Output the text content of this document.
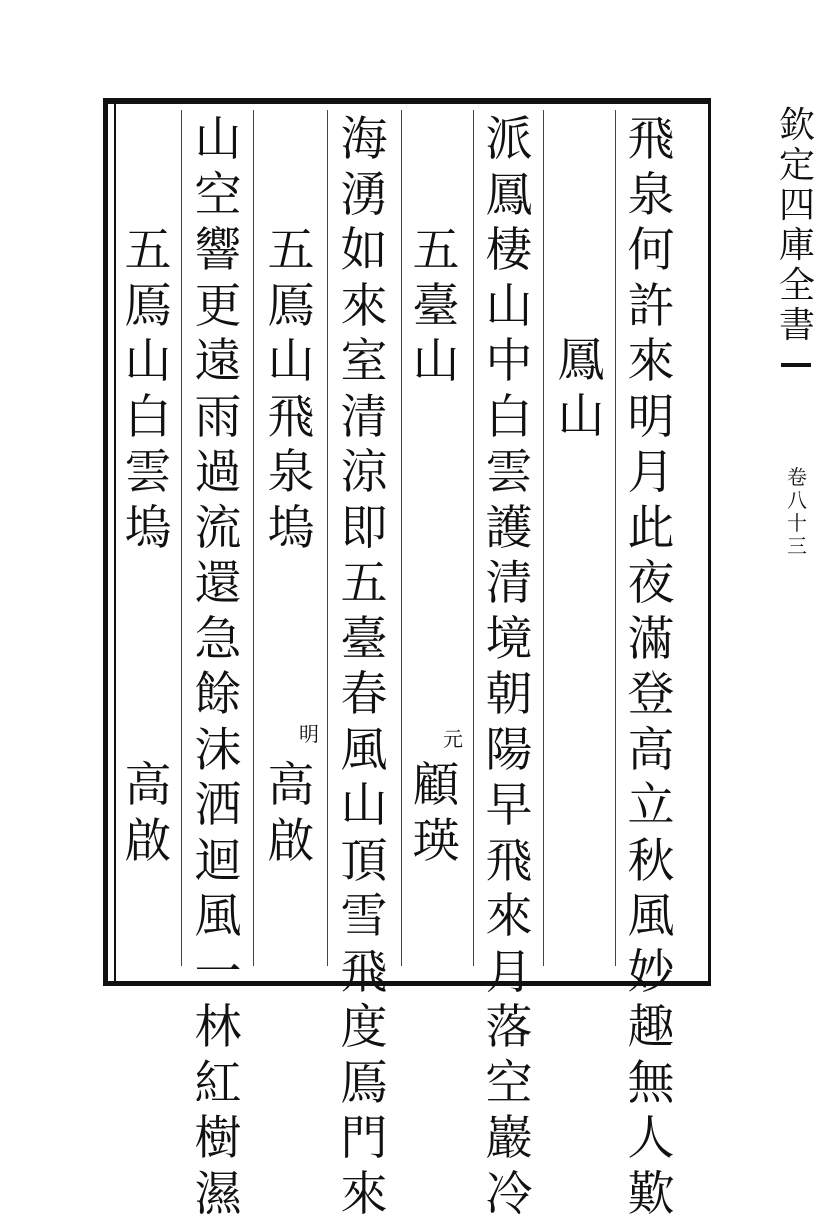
飛
泉
何
許
來
明
月
此
夜
滿
登
高
立
秋
風
妙
趣
無
人
歎
鳳
山
派
鳳
棲
山
中
白
雲
護
清
境
朝
陽
早
飛
來
月
落
空
巖
冷
五
臺
山
海
湧
如
來
室
清
涼
即
五
臺
春
風
山
頂
雪
飛
度
鳫
門
來
五
鳫
山
飛
泉
塢
山
空
響
更
遠
雨
過
流
還
急
餘
沫
洒
迴
風
一
林
紅
樹
濕
五
鳫
山
白
雲
塢
顧
瑛
元
高
啟
明
高
啟
欽
定
四
庫
全
書
卷
八
十
三
